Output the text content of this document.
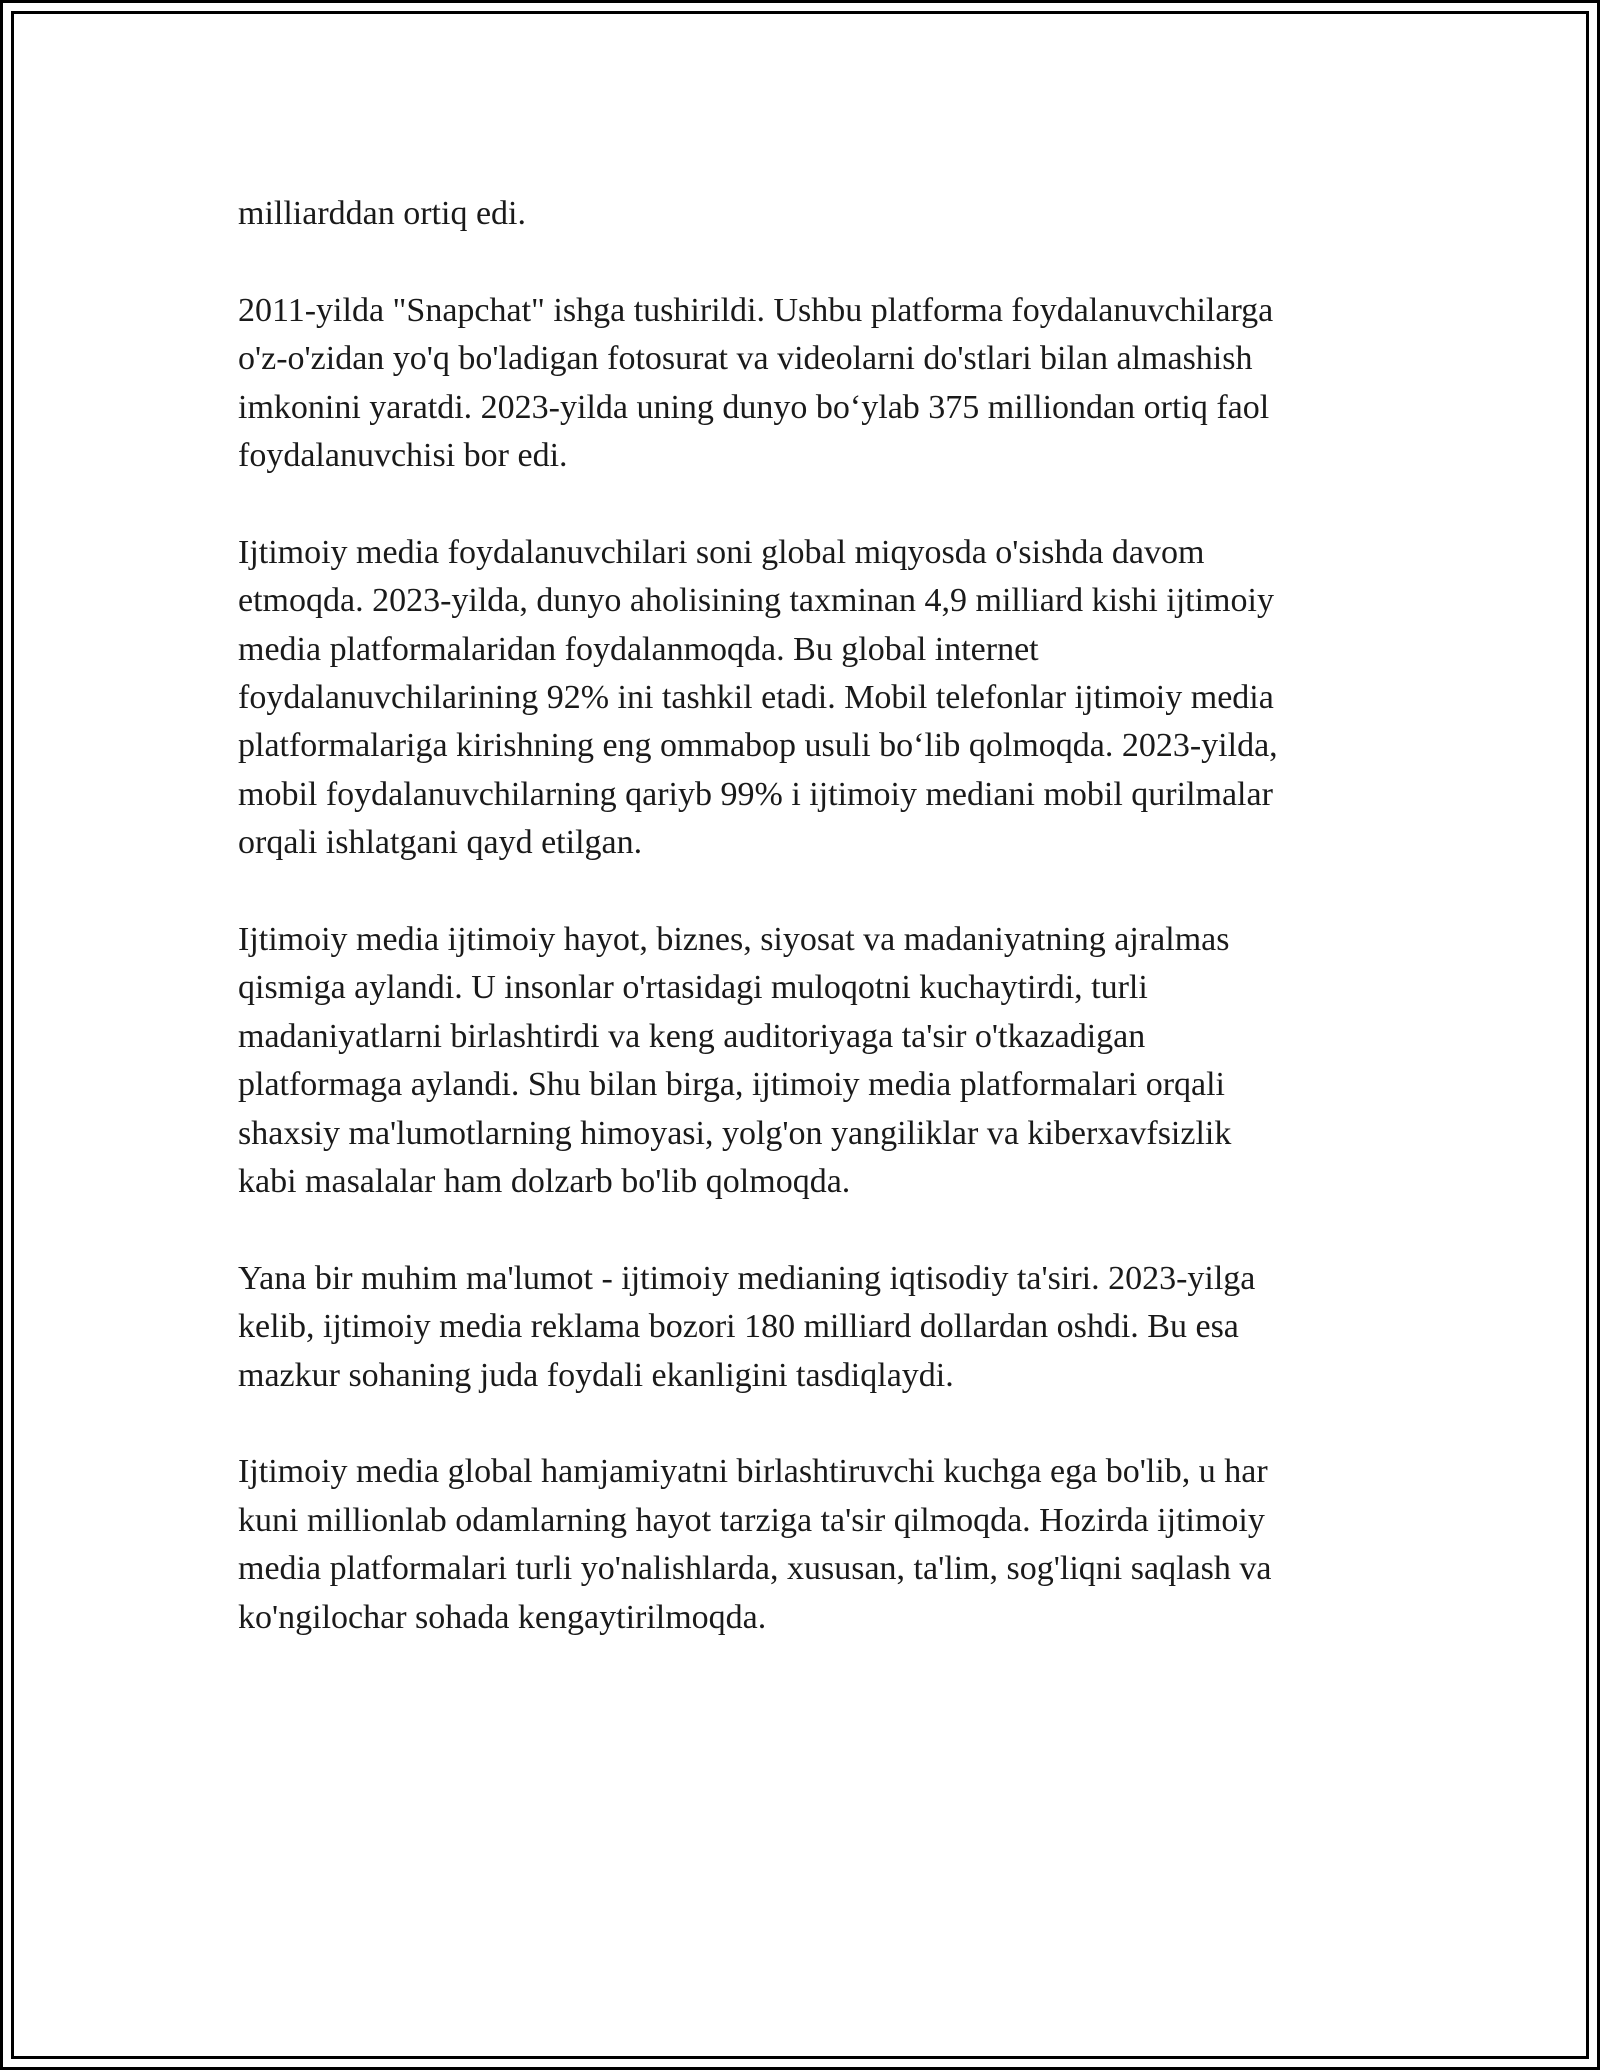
milliarddan ortiq edi.

2011-yilda "Snapchat" ishga tushirildi. Ushbu platforma foydalanuvchilarga
o'z-o'zidan yo'q bo'ladigan fotosurat va videolarni do'stlari bilan almashish
imkonini yaratdi. 2023-yilda uning dunyo bo‘ylab 375 milliondan ortiq faol
foydalanuvchisi bor edi.

Ijtimoiy media foydalanuvchilari soni global miqyosda o'sishda davom
etmoqda. 2023-yilda, dunyo aholisining taxminan 4,9 milliard kishi ijtimoiy
media platformalaridan foydalanmoqda. Bu global internet
foydalanuvchilarining 92% ini tashkil etadi. Mobil telefonlar ijtimoiy media
platformalariga kirishning eng ommabop usuli bo‘lib qolmoqda. 2023-yilda,
mobil foydalanuvchilarning qariyb 99% i ijtimoiy mediani mobil qurilmalar
orqali ishlatgani qayd etilgan.

Ijtimoiy media ijtimoiy hayot, biznes, siyosat va madaniyatning ajralmas
qismiga aylandi. U insonlar o'rtasidagi muloqotni kuchaytirdi, turli
madaniyatlarni birlashtirdi va keng auditoriyaga ta'sir o'tkazadigan
platformaga aylandi. Shu bilan birga, ijtimoiy media platformalari orqali
shaxsiy ma'lumotlarning himoyasi, yolg'on yangiliklar va kiberxavfsizlik
kabi masalalar ham dolzarb bo'lib qolmoqda.

Yana bir muhim ma'lumot - ijtimoiy medianing iqtisodiy ta'siri. 2023-yilga
kelib, ijtimoiy media reklama bozori 180 milliard dollardan oshdi. Bu esa
mazkur sohaning juda foydali ekanligini tasdiqlaydi.

Ijtimoiy media global hamjamiyatni birlashtiruvchi kuchga ega bo'lib, u har
kuni millionlab odamlarning hayot tarziga ta'sir qilmoqda. Hozirda ijtimoiy
media platformalari turli yo'nalishlarda, xususan, ta'lim, sog'liqni saqlash va
ko'ngilochar sohada kengaytirilmoqda.
